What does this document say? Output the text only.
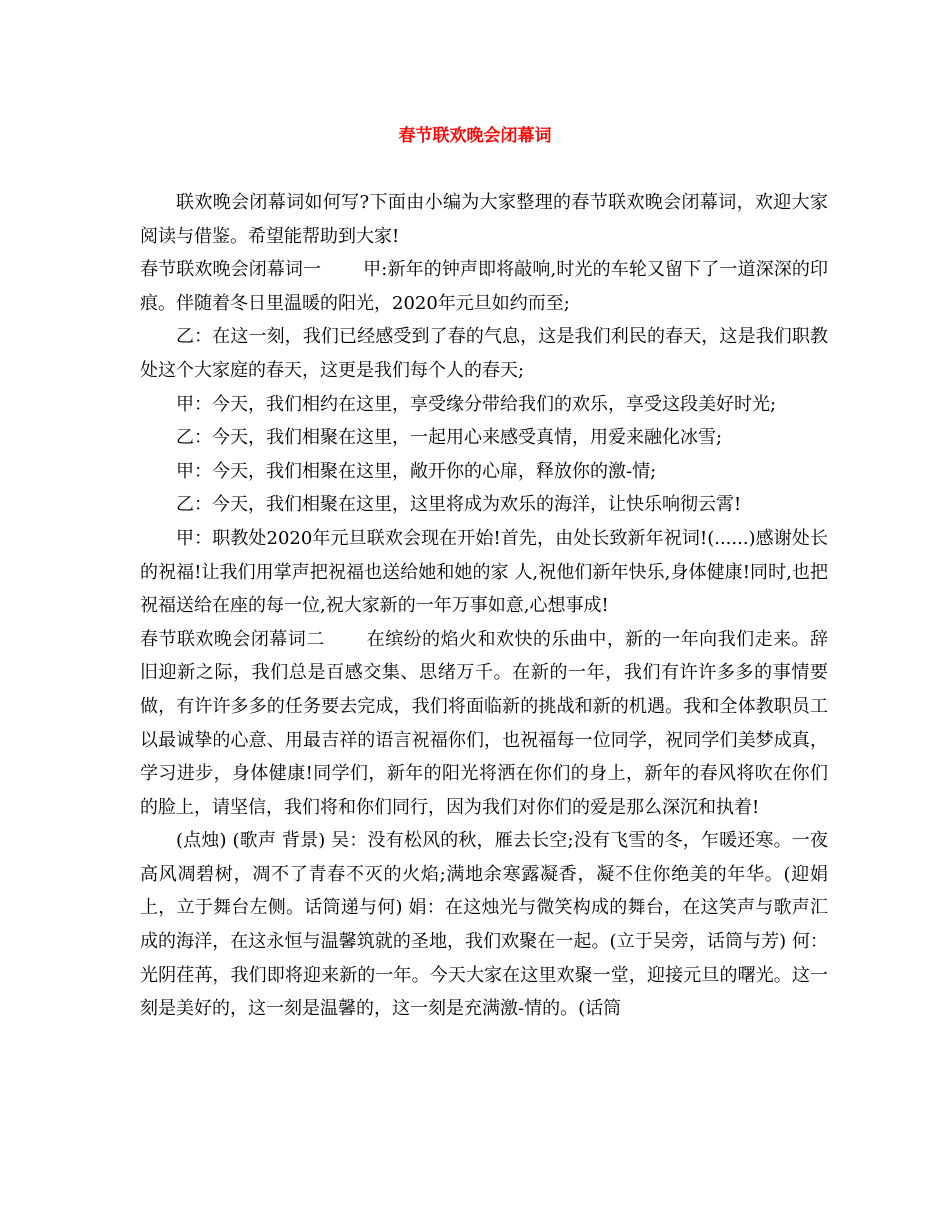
春节联欢晚会闭幕词

联欢晚会闭幕词如何写?下面由小编为大家整理的春节联欢晚会闭幕词，欢迎大家阅读与借鉴。希望能帮助到大家!

春节联欢晚会闭幕词一 甲:新年的钟声即将敲响,时光的车轮又留下了一道深深的印痕。伴随着冬日里温暖的阳光，2020年元旦如约而至;

乙：在这一刻，我们已经感受到了春的气息，这是我们利民的春天，这是我们职教处这个大家庭的春天，这更是我们每个人的春天;

甲：今天，我们相约在这里，享受缘分带给我们的欢乐，享受这段美好时光;

乙：今天，我们相聚在这里，一起用心来感受真情，用爱来融化冰雪;

甲：今天，我们相聚在这里，敞开你的心扉，释放你的激-情;

乙：今天，我们相聚在这里，这里将成为欢乐的海洋，让快乐响彻云霄!

甲：职教处2020年元旦联欢会现在开始!首先，由处长致新年祝词!(......)感谢处长的祝福!让我们用掌声把祝福也送给她和她的家 人,祝他们新年快乐,身体健康!同时,也把祝福送给在座的每一位,祝大家新的一年万事如意,心想事成!

春节联欢晚会闭幕词二 在缤纷的焰火和欢快的乐曲中，新的一年向我们走来。辞旧迎新之际，我们总是百感交集、思绪万千。在新的一年，我们有许许多多的事情要做，有许许多多的任务要去完成，我们将面临新的挑战和新的机遇。我和全体教职员工以最诚挚的心意、用最吉祥的语言祝福你们，也祝福每一位同学，祝同学们美梦成真，学习进步，身体健康!同学们，新年的阳光将洒在你们的身上，新年的春风将吹在你们的脸上，请坚信，我们将和你们同行，因为我们对你们的爱是那么深沉和执着!

(点烛) (歌声 背景) 吴：没有松风的秋，雁去长空;没有飞雪的冬，乍暖还寒。一夜高风凋碧树，凋不了青春不灭的火焰;满地余寒露凝香，凝不住你绝美的年华。(迎娟上，立于舞台左侧。话筒递与何) 娟：在这烛光与微笑构成的舞台，在这笑声与歌声汇成的海洋，在这永恒与温馨筑就的圣地，我们欢聚在一起。(立于吴旁，话筒与芳) 何：光阴荏苒，我们即将迎来新的一年。今天大家在这里欢聚一堂，迎接元旦的曙光。这一刻是美好的，这一刻是温馨的，这一刻是充满激-情的。(话筒
